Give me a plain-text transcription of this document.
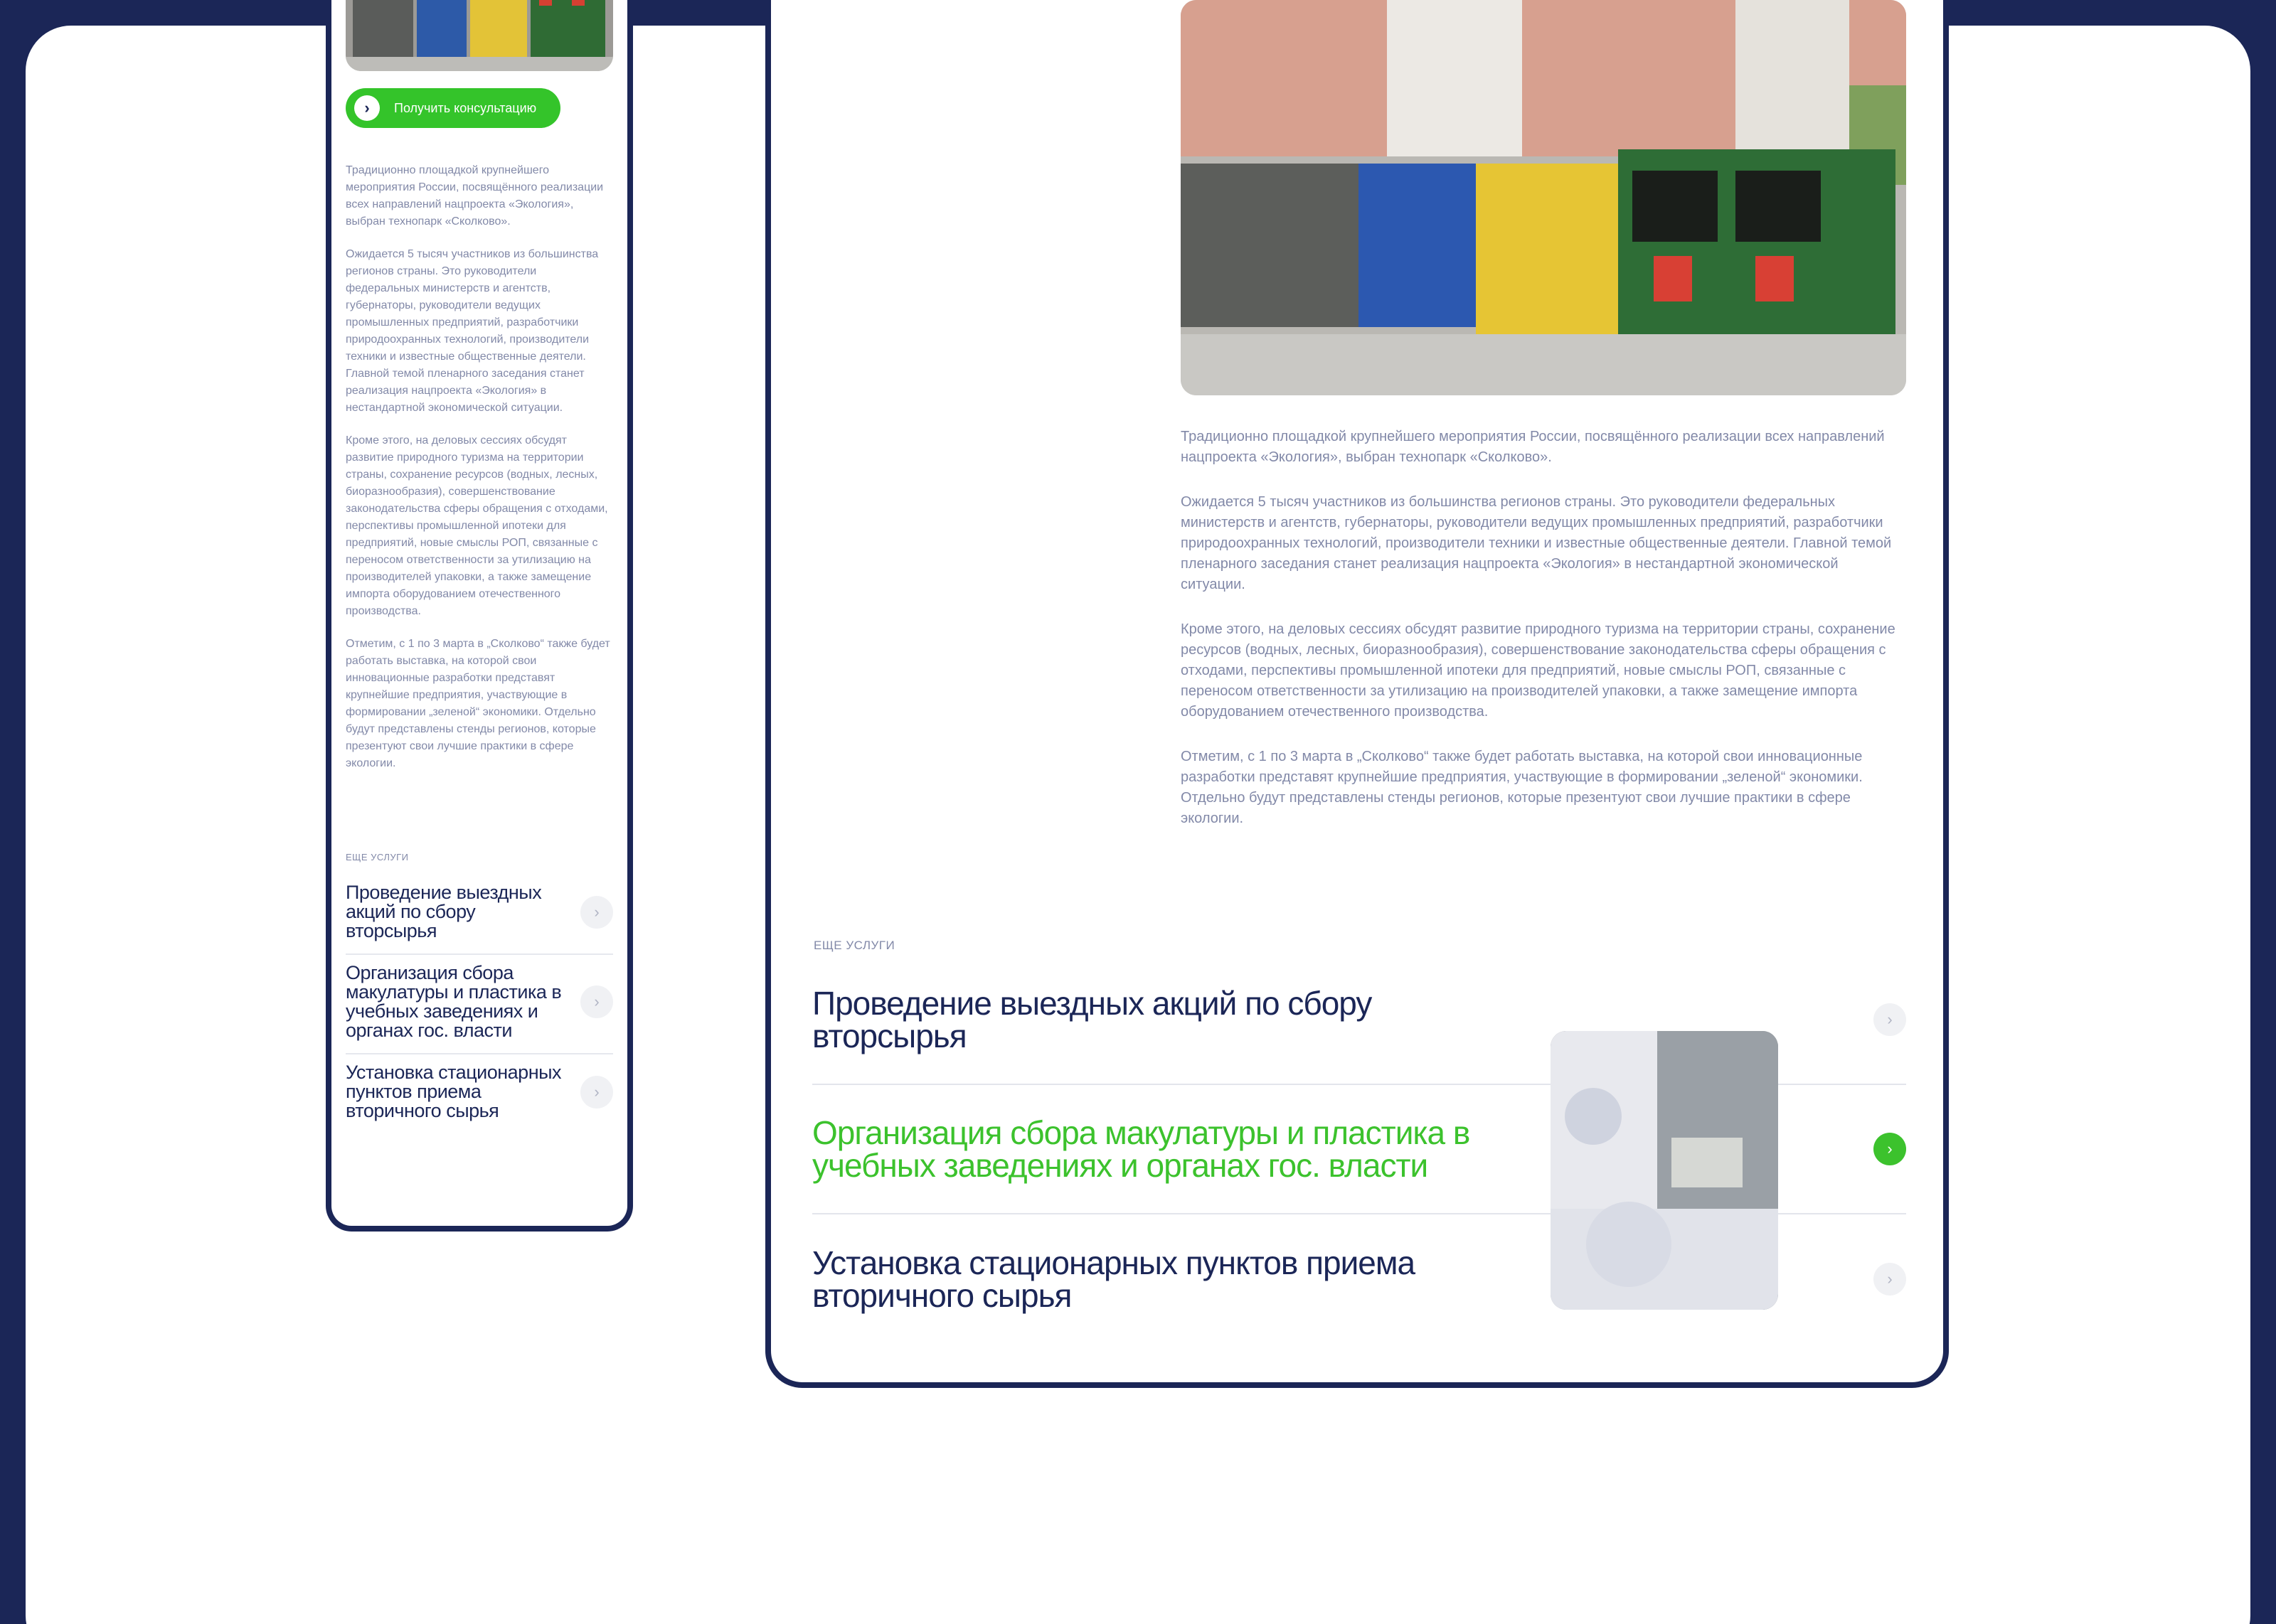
›	Получить консультацию

Традиционно площадкой крупнейшего мероприятия России, посвящённого реализации всех направлений нацпроекта «Экология», выбран технопарк «Сколково».

Ожидается 5 тысяч участников из большинства регионов страны. Это руководители федеральных министерств и агентств, губернаторы, руководители ведущих промышленных предприятий, разработчики природоохранных технологий, производители техники и известные общественные деятели. Главной темой пленарного заседания станет реализация нацпроекта «Экология» в нестандартной экономической ситуации.

Кроме этого, на деловых сессиях обсудят развитие природного туризма на территории страны, сохранение ресурсов (водных, лесных, биоразнообразия), совершенствование законодательства сферы обращения с отходами, перспективы промышленной ипотеки для предприятий, новые смыслы РОП, связанные с переносом ответственности за утилизацию на производителей упаковки, а также замещение импорта оборудованием отечественного производства.

Отметим, с 1 по 3 марта в „Сколково“ также будет работать выставка, на которой свои инновационные разработки представят крупнейшие предприятия, участвующие в формировании „зеленой“ экономики. Отдельно будут представлены стенды регионов, которые презентуют свои лучшие практики в сфере экологии.

ЕЩЕ УСЛУГИ
Проведение выездных акций по сбору вторсырья
›
Организация сбора макулатуры и пластика в учебных заведениях и органах гос. власти
›
Установка стационарных пунктов приема вторичного сырья
›

Традиционно площадкой крупнейшего мероприятия России, посвящённого реализации всех направлений нацпроекта «Экология», выбран технопарк «Сколково».

Ожидается 5 тысяч участников из большинства регионов страны. Это руководители федеральных министерств и агентств, губернаторы, руководители ведущих промышленных предприятий, разработчики природоохранных технологий, производители техники и известные общественные деятели. Главной темой пленарного заседания станет реализация нацпроекта «Экология» в нестандартной экономической ситуации.

Кроме этого, на деловых сессиях обсудят развитие природного туризма на территории страны, сохранение ресурсов (водных, лесных, биоразнообразия), совершенствование законодательства сферы обращения с отходами, перспективы промышленной ипотеки для предприятий, новые смыслы РОП, связанные с переносом ответственности за утилизацию на производителей упаковки, а также замещение импорта оборудованием отечественного производства.

Отметим, с 1 по 3 марта в „Сколково“ также будет работать выставка, на которой свои инновационные разработки представят крупнейшие предприятия, участвующие в формировании „зеленой“ экономики. Отдельно будут представлены стенды регионов, которые презентуют свои лучшие практики в сфере экологии.

ЕЩЕ УСЛУГИ
Проведение выездных акций по сбору вторсырья	›
Организация сбора макулатуры и пластика в учебных заведениях и органах гос. власти	›
Установка стационарных пунктов приема вторичного сырья	›
